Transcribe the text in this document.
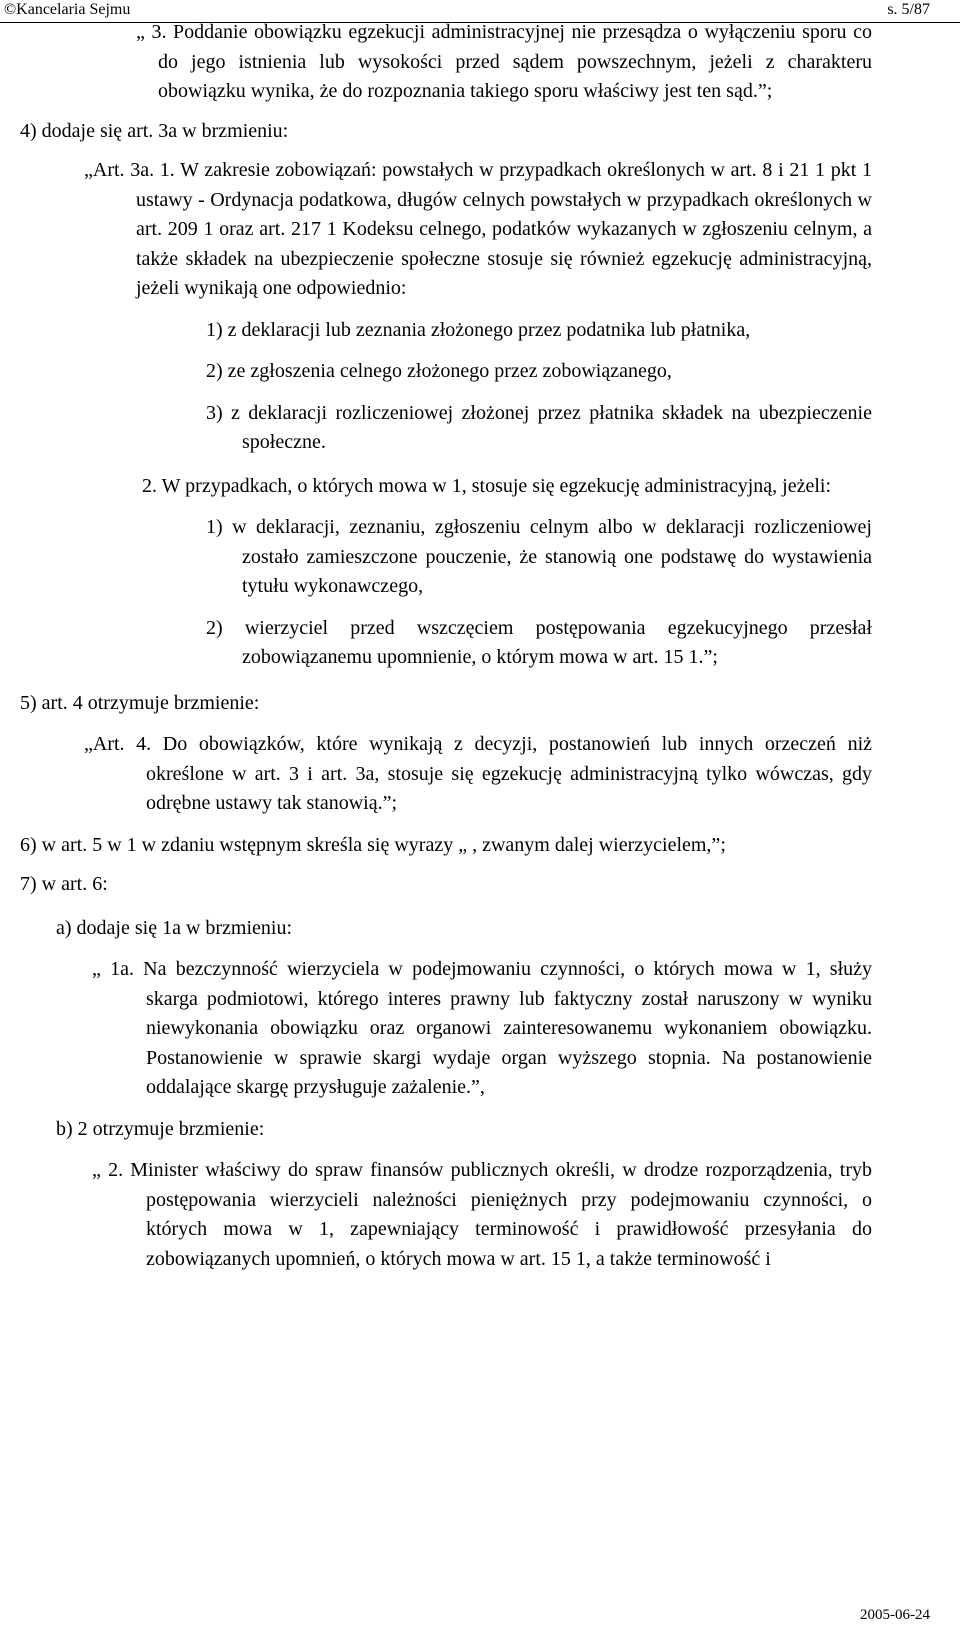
©Kancelaria Sejmu	s. 5/87

„ 3. Poddanie obowiązku egzekucji administracyjnej nie przesądza o wyłączeniu sporu co do jego istnienia lub wysokości przed sądem powszechnym, jeżeli z charakteru obowiązku wynika, że do rozpoznania takiego sporu właściwy jest ten sąd.”;

4) dodaje się art. 3a w brzmieniu:

„Art. 3a. 1. W zakresie zobowiązań: powstałych w przypadkach określonych w art. 8 i 21 1 pkt 1 ustawy - Ordynacja podatkowa, długów celnych powstałych w przypadkach określonych w art. 209 1 oraz art. 217 1 Kodeksu celnego, podatków wykazanych w zgłoszeniu celnym, a także składek na ubezpieczenie społeczne stosuje się również egzekucję administracyjną, jeżeli wynikają one odpowiednio:

1) z deklaracji lub zeznania złożonego przez podatnika lub płatnika,

2) ze zgłoszenia celnego złożonego przez zobowiązanego,

3) z deklaracji rozliczeniowej złożonej przez płatnika składek na ubezpieczenie społeczne.

2. W przypadkach, o których mowa w 1, stosuje się egzekucję administracyjną, jeżeli:

1) w deklaracji, zeznaniu, zgłoszeniu celnym albo w deklaracji rozliczeniowej zostało zamieszczone pouczenie, że stanowią one podstawę do wystawienia tytułu wykonawczego,

2) wierzyciel przed wszczęciem postępowania egzekucyjnego przesłał zobowiązanemu upomnienie, o którym mowa w art. 15 1.”;

5) art. 4 otrzymuje brzmienie:

„Art. 4. Do obowiązków, które wynikają z decyzji, postanowień lub innych orzeczeń niż określone w art. 3 i art. 3a, stosuje się egzekucję administracyjną tylko wówczas, gdy odrębne ustawy tak stanowią.”;

6) w art. 5 w 1 w zdaniu wstępnym skreśla się wyrazy „ , zwanym dalej wierzycielem,”;

7) w art. 6:

a) dodaje się 1a w brzmieniu:

„ 1a. Na bezczynność wierzyciela w podejmowaniu czynności, o których mowa w 1, służy skarga podmiotowi, którego interes prawny lub faktyczny został naruszony w wyniku niewykonania obowiązku oraz organowi zainteresowanemu wykonaniem obowiązku. Postanowienie w sprawie skargi wydaje organ wyższego stopnia. Na postanowienie oddalające skargę przysługuje zażalenie.”,

b) 2 otrzymuje brzmienie:

„ 2. Minister właściwy do spraw finansów publicznych określi, w drodze rozporządzenia, tryb postępowania wierzycieli należności pieniężnych przy podejmowaniu czynności, o których mowa w 1, zapewniający terminowość i prawidłowość przesyłania do zobowiązanych upomnień, o których mowa w art. 15 1, a także terminowość i

2005-06-24
